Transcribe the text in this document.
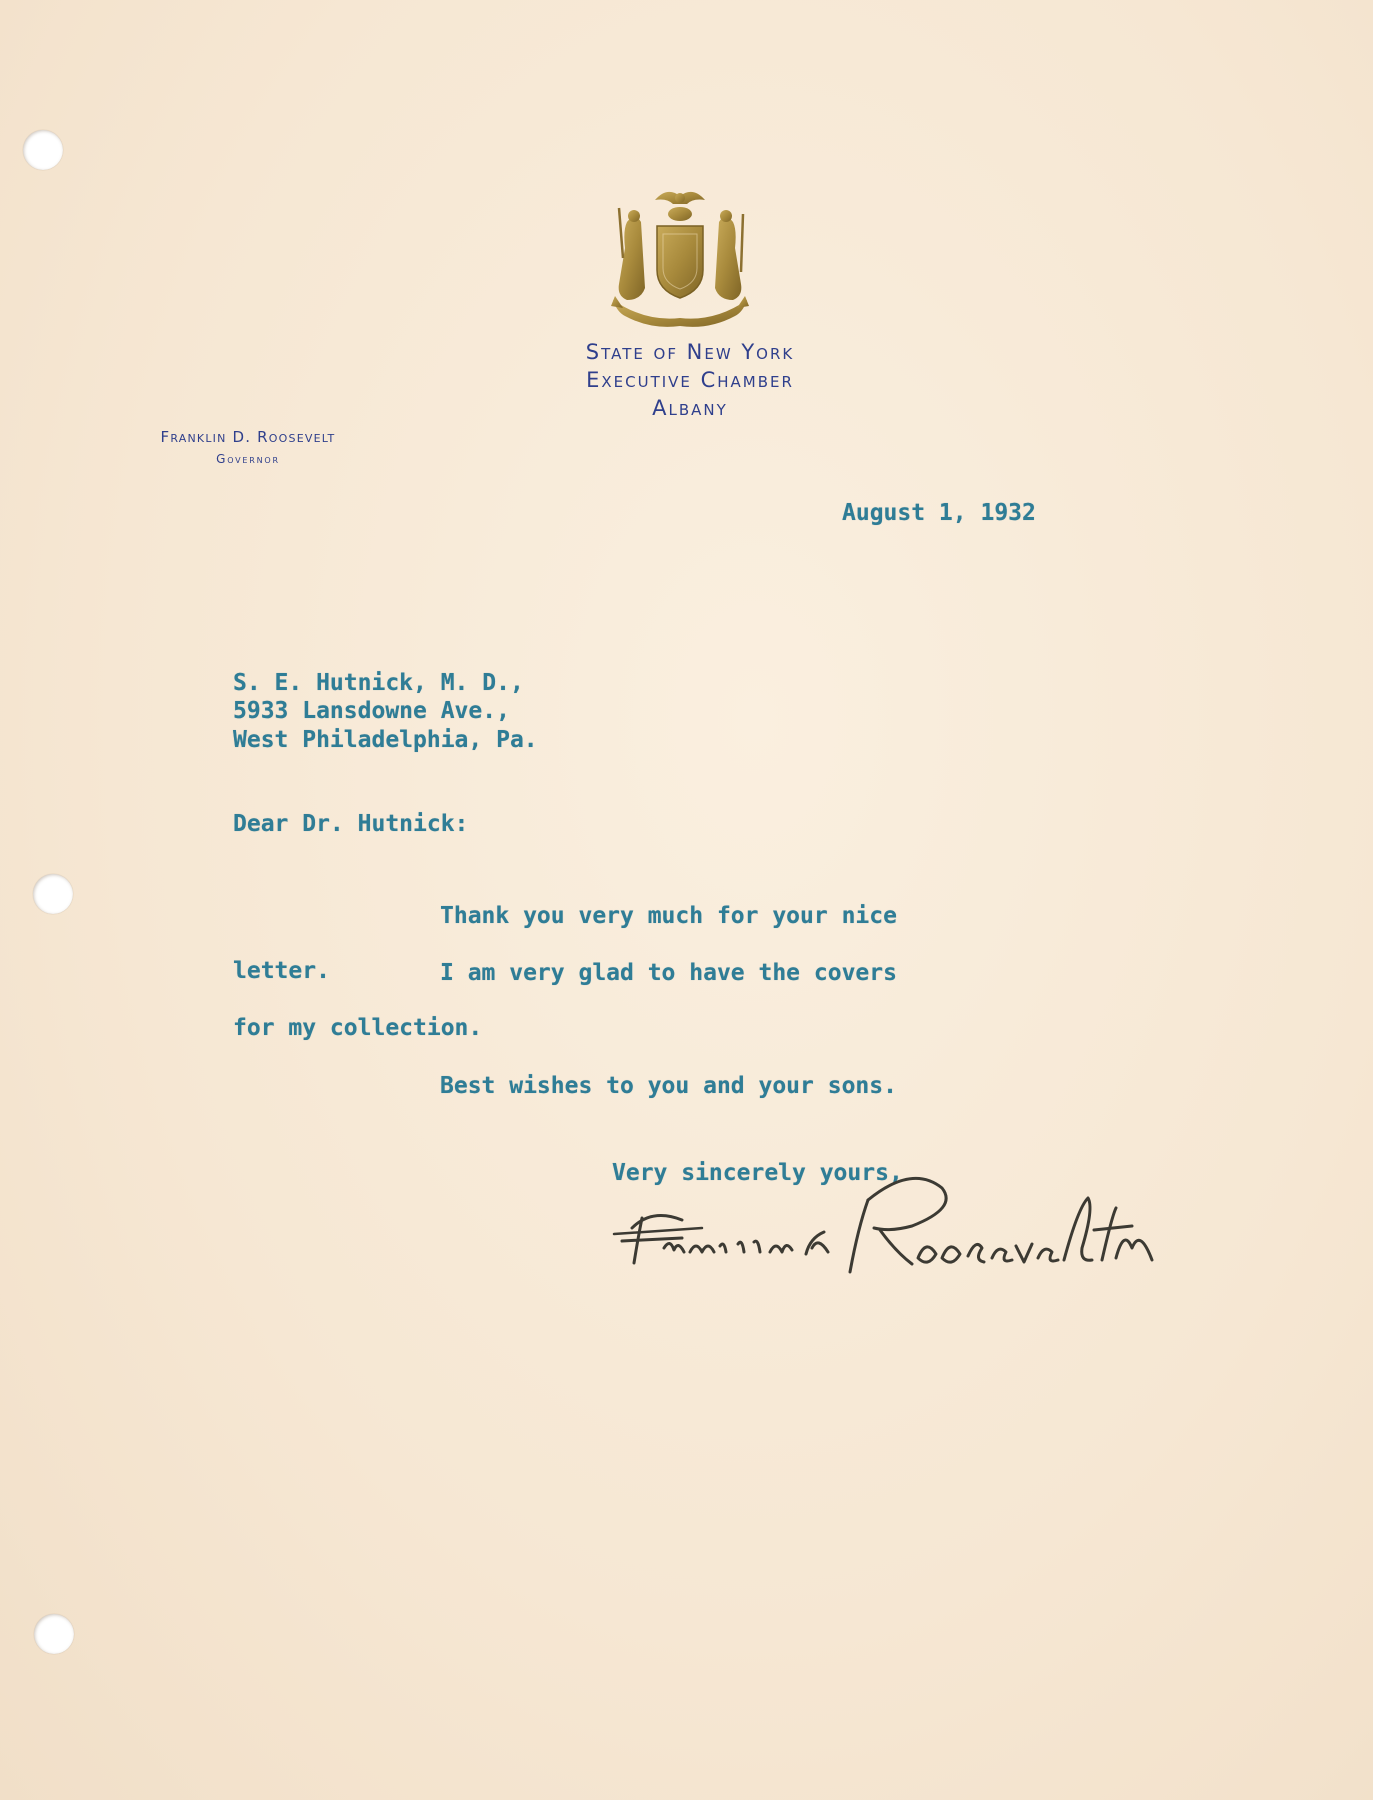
State of New York
Executive Chamber
Albany
Franklin D. Roosevelt
Governor
August 1, 1932
S. E. Hutnick, M. D.,
5933 Lansdowne Ave.,
West Philadelphia, Pa.
Dear Dr. Hutnick:
Thank you very much for your nice
letter.	I am very glad to have the covers
for my collection.
Best wishes to you and your sons.
Very sincerely yours,
